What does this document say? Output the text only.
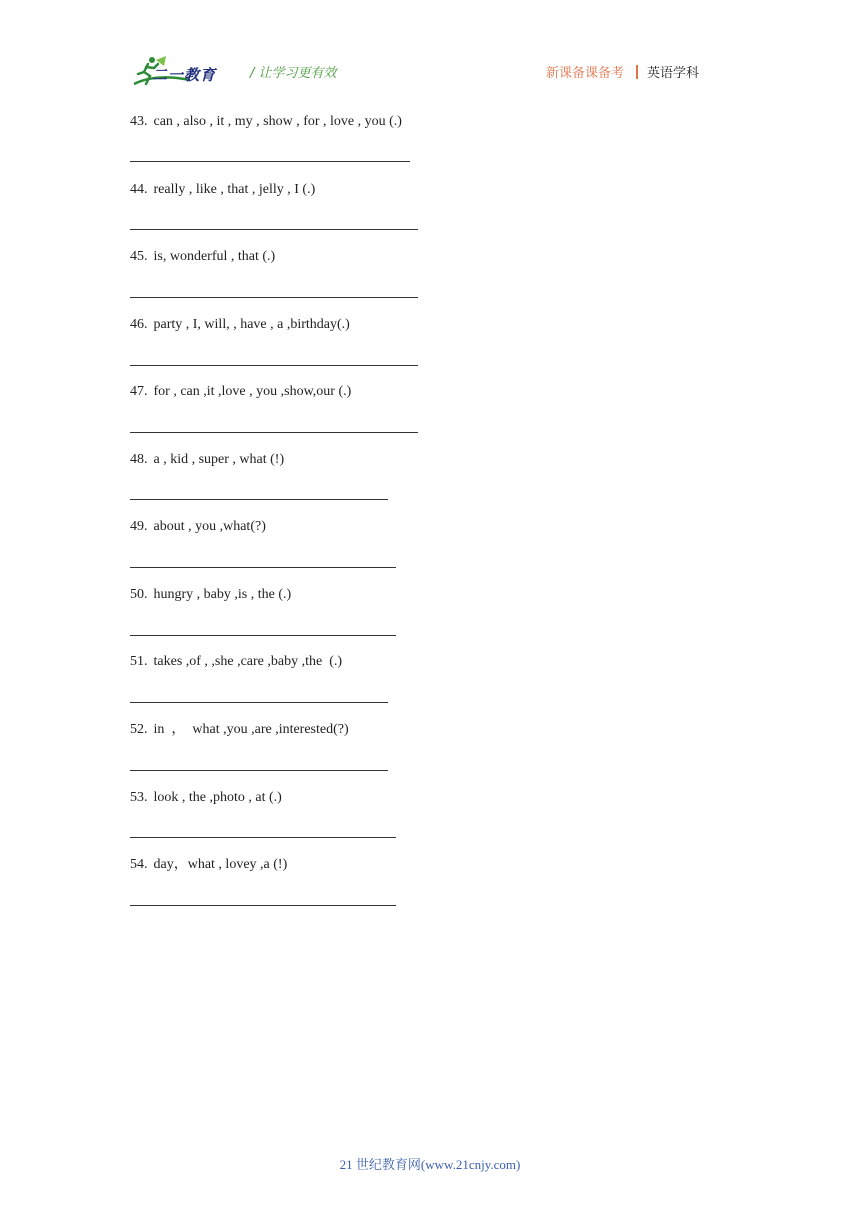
二一教育	/ 让学习更有效	新课备课备考 英语学科
43. can , also , it , my , show , for , love , you (.)
44. really , like , that , jelly , I (.)
45. is, wonderful , that (.)
46. party , I, will, , have , a ,birthday(.)
47. for , can ,it ,love , you ,show,our (.)
48. a , kid , super , what (!)
49. about , you ,what(?)
50. hungry , baby ,is , the (.)
51. takes ,of , ,she ,care ,baby ,the  (.)
52. in  ，  what ,you ,are ,interested(?)
53. look , the ,photo , at (.)
54. day，what , lovey ,a (!)
21 世纪教育网(www.21cnjy.com)
